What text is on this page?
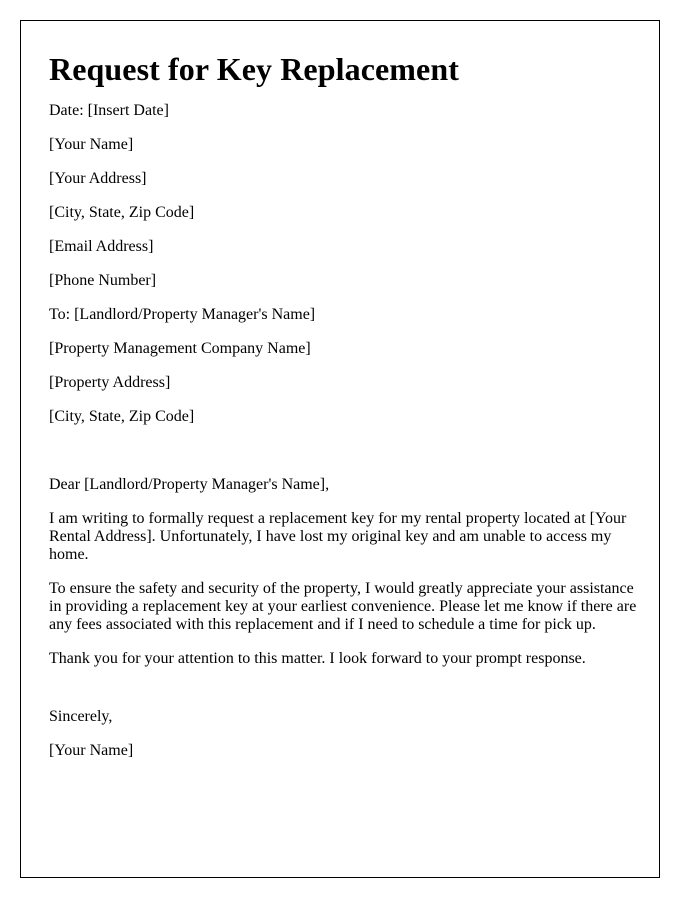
Request for Key Replacement
Date: [Insert Date]
[Your Name]
[Your Address]
[City, State, Zip Code]
[Email Address]
[Phone Number]
To: [Landlord/Property Manager's Name]
[Property Management Company Name]
[Property Address]
[City, State, Zip Code]
Dear [Landlord/Property Manager's Name],

I am writing to formally request a replacement key for my rental property located at [Your Rental Address]. Unfortunately, I have lost my original key and am unable to access my home.

To ensure the safety and security of the property, I would greatly appreciate your assistance in providing a replacement key at your earliest convenience. Please let me know if there are any fees associated with this replacement and if I need to schedule a time for pick up.

Thank you for your attention to this matter. I look forward to your prompt response.

Sincerely,
[Your Name]
